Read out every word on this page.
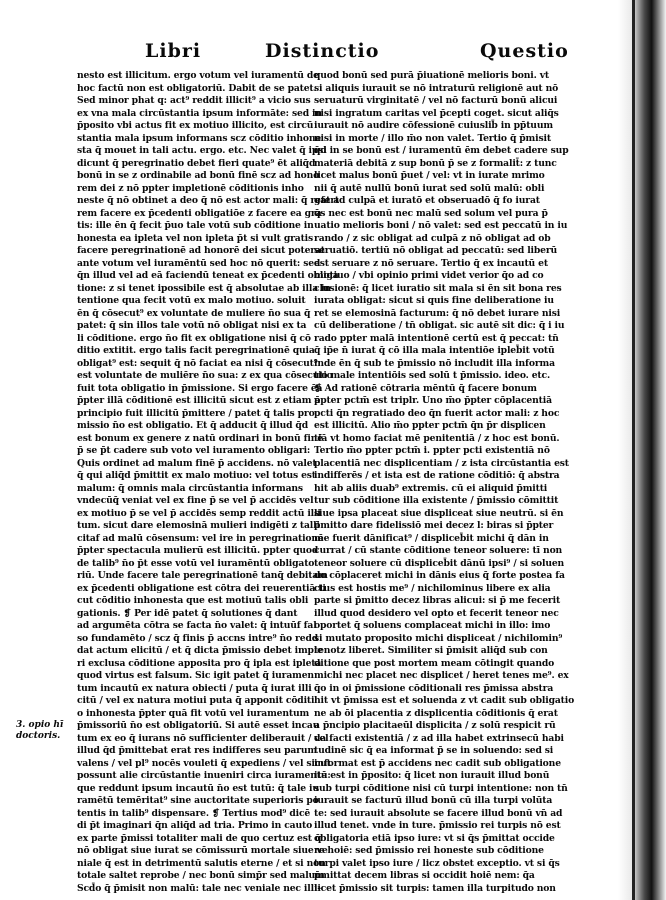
Libri	Distinctio	Questio
3. opio hī
doctoris.
nesto est illicitum. ergo votum vel iuramentū de
hoc factū non est obligatoriū. Dabit de se patet.
Sed minor phat q: act⁹ reddit illicit⁹ a vicio sus
ex vna mala circūstantia ipsum informāte: sed in
p̄posito vbi actus fit ex motiuo illicito, est circū
stantia mala ipsum informans scz cōditio inhone
sta q̄ mouet in tali actu. ergo. etc. Nec valet q̄ ipsi
dicunt q̄ peregrinatio debet fieri quate⁹ ēt aliq̄d
bonū in se z ordinabile ad bonū finē scz ad hono
rem dei z nō ppter impletionē cōditionis inho
neste q̄ nō obtinet a deo q̄ nō est actor mali: q̄ refert
rem facere ex p̄cedenti obligatiōe z facere ea gra
tis: ille ēn q̄ fecit p̄uo tale votū sub cōditione in
honesta ea ipleta vel non ipleta p̄t si vult gratis
facere peregrinationē ad honorē dei sicut poterat
ante votum vel iuramēntū sed hoc nō querit: sed
q̄n illud vel ad eā faciendū teneat ex p̄cedenti obliga
tione: z si tenet ipossibile est q̄ absolutae ab illa in
tentione qua fecit votū ex malo motiuo. soluit
ēn q̄ cōsecut⁹ ex voluntate de muliere n̄o sua q̄
patet: q̄ sin illos tale votū nō obligat nisi ex ta
li cōditione. ergo n̄o fit ex obligatione nisi q̄ cō
ditio extitit. ergo talis facit peregrinationē quia
obligat⁹ est: sequit q̄ nō faciat ea nisi q̄ cōsecut⁹
est voluntate de muliēre n̄o sua: z ex qua cōsecutio
fuit tota obligatio in p̄missione. Si ergo facere ēa
p̄pter illā cōditionē est illicitū sicut est z etiam a
principio fuit illicitū p̄mittere / patet q̄ talis pro
missio n̄o est obligatio. Et q̄ adducit q̄ illud q̄d
est bonum ex genere z natū ordinari in bonū finē
p̄ se p̄t cadere sub voto vel iuramento obligari:
Quis ordinet ad malum finē p̄ accidens. nō valet
q̄ qui aliq̄d p̄mittit ex malo motiuo: vel totus est
malum: q̄ omnis mala circūstantia informans
vndecūq̄ veniat vel ex fine p̄ se vel p̄ accidēs vel
ex motiuo p̄ se vel p̄ accidēs semp reddit actū illi
tum. sicut dare elemosinā mulieri indigēti z talli
citaf ad malū cōsensum: vel ire in peregrinationē
p̄pter spectacula mulierū est illicitū. ppter quod
de talib⁹ n̄o p̄t esse votū vel iuramēntū obligato
riū. Unde facere tale peregrinationē tanq̄ debitam
ex p̄cedenti obligatione est cōtra dei reuerentiā ti
cut cōditio inhonesta que est motiuū talis obli
gationis. ❡ Per idē patet q̄ solutiones q̄ dant
ad argumēta cōtra se facta n̄o valet: q̄ intuūf fal
so fundamēto / scz q̄ finis p̄ accns intre⁹ n̄o redd
dat actum elicitū / et q̄ dicta p̄missio debet imple
ri exclusa cōditione apposita pro q̄ ipla est ipleta
quod virtus est falsum. Sic igit patet q̄ iuramen
tum incautū ex natura obiecti / puta q̄ iurat illi
citū / vel ex natura motiui puta q̄ apponit cōditi
o inhonesta p̄pter quā fit votū vel iuramentum
p̄missoriū n̄o est obligatoriū. Si autē esset incau
tum ex eo q̄ iurans nō sufficienter deliberauit / vel
illud q̄d p̄mittebat erat res indifferes seu parum
valens / vel pl⁹ nocēs vouleti q̄ expediens / vel sicut
possunt alie circūstantie inueniri circa iuramentū:
que reddunt ipsum incautū n̄o est tutū: q̄ tale iu
ramētū temēritat⁹ sine auctoritate superioris po
tentis in talib⁹ dispensare. ❡ Tertius mod⁹ dicē
di p̄t imaginari q̄n aliq̄d ad tria. Primo in cauto
ex parte p̄missi totaliter mali de quo certuz est q̄
nō obligat siue iurat se cōmissurū mortale siue ve
niale q̄ est in detrimentū salutis eterne / et si non
totale saltet reprobe / nec bonū simp̄r sed malum
Scd̄o q̄ p̄misit non malū: tale nec veniale nec illi-
quod bonū sed purā p̄iuationē melioris boni. vt
si aliquis iurauit se nō intraturū religionē aut nō
seruaturū virginitatē / vel nō facturū bonū alicui
nisi ingratum caritas vel p̄cepti coget. sicut aliq̄s
iurauit nō audire cōfessionē cuiuslib̄ in pp̄tuum
nisi in morte / illo m̄o non valet. Tertio q̄ p̄misit
q̄d in se bonū est / iuramentū ēm debet cadere sup
materiā debitā z sup bonū p̄ se z formalit̄: z tunc
licet malus bonū p̄uet / vel: vt in iurate mrimo
nii q̄ autē nullū bonū iurat sed solū malū: obli
gat ad culpā et iuratō et obseruadō q̄ fo iurat
q̄s nec est bonū nec malū sed solum vel pura p̄
uatio melioris boni / nō valet: sed est peccatū in iu
rando / z sic obligat ad culpā z nō obligat ad ob
seruatiō. tertiū nō obligat ad peccatū: sed liberū
est seruare z nō seruare. Tertio q̄ ex incautū et
motiuo / vbi opinio primi videt verior q̄o ad co
clusionē: q̄ licet iuratio sit mala si ēn sit bona res
iurata obligat: sicut si quis fine deliberatione iu
ret se elemosinā facturum: q̄ nō debet iurare nisi
cū deliberatione / tn̄ obligat. sic autē sit dic: q̄ i iu
rado ppter malā intentionē certū est q̄ peccat: tn̄
q̄ ip̄e n̄ iurat q̄ cō illa mala intentiōe ipleb̄it votū
inde ēn q̄ sub te p̄missio nō includit illa informa
tio male intentiōis sed solū t p̄missio. ideo. etc.
❡ Ad rationē cōtraria mēntū q̄ facere bonum
p̄pter pctm̄ est triplr. Uno m̄o p̄pter cōplacentiā
pcti q̄n regratiado deo q̄n fuerit actor mali: z hoc
est illicitū. Alio m̄o ppter pctm̄ q̄n p̄r displicen
tiā vt homo faciat mē penitentiā / z hoc est bonū.
Tertio m̄o ppter pctm̄ i. ppter pcti existentiā nō
placentiā nec displicentiam / z ista circūstantia est
indifferēs / et ista est de ratione cōditiō: q̄ abstra
hit ab aliis duab⁹ extremis. cū ei aliquid p̄mitti
tur sub cōditione illa existente / p̄missio cōmittit
siue ipsa placeat siue displiceat siue neutrū. si ēn
p̄mitto dare fidelissiō mei decez l: biras si p̄pter
me fuerit dānificat⁹ / displiceb̄it michi q̄ dān in
currat / cū stante cōditione teneor soluere: tī non
teneor soluere cū displiceb̄it dānū ipsi⁹ / si soluen
do cōplaceret michi in dānis eius q̄ forte postea fa
ctus est hostis me⁹ / nichilominus libere ex alia
parte si p̄mitto decez libras alicui: si p̄ me fecerit
illud quod desidero vel opto et fecerit teneor nec
oportet q̄ soluens complaceat michi in illo: imo
si mutato proposito michi displiceat / nichilomin⁹
tenotz liberet. Similiter si p̄misit aliq̄d sub con
ditione que post mortem meam cōtingit quando
michi nec placet nec displicet / heret tenes me⁹. ex
q̄o in oi p̄missione cōditionali res p̄missa abstra
hit vt p̄missa est et soluenda z vt cadit sub obligatio
ne ab ōi placentia z displicentia cōditionis q̄ erat
a p̄ncipio placitaeūl displicita / z solū respicit rū
da facti existentiā / z ad illa habet extrinsecū habi
tudinē sic q̄ ea informat p̄ se in soluendo: sed si
informat est p̄ accidens nec cadit sub obligatione
ita est in p̄posito: q̄ licet non iurauit illud bonū
sub turpi cōditione nisi cū turpi intentione: non tn̄
iurauit se facturū illud bonū cū illa turpi volūta
te: sed iurauit absolute se facere illud bonū vn̄ ad
illud tenet. vnde in ture. p̄missio rei turpis nō est
obligatoria etiā ipso iure: vt si q̄s p̄mittat occide
re hoiē: sed p̄missio rei honeste sub cōditione
turpi valet ipso iure / licz obstet exceptio. vt si q̄s
p̄mittat decem libras si occidit hoiē nem: q̄a
licet p̄missio sit turpis: tamen illa turpitudo non
